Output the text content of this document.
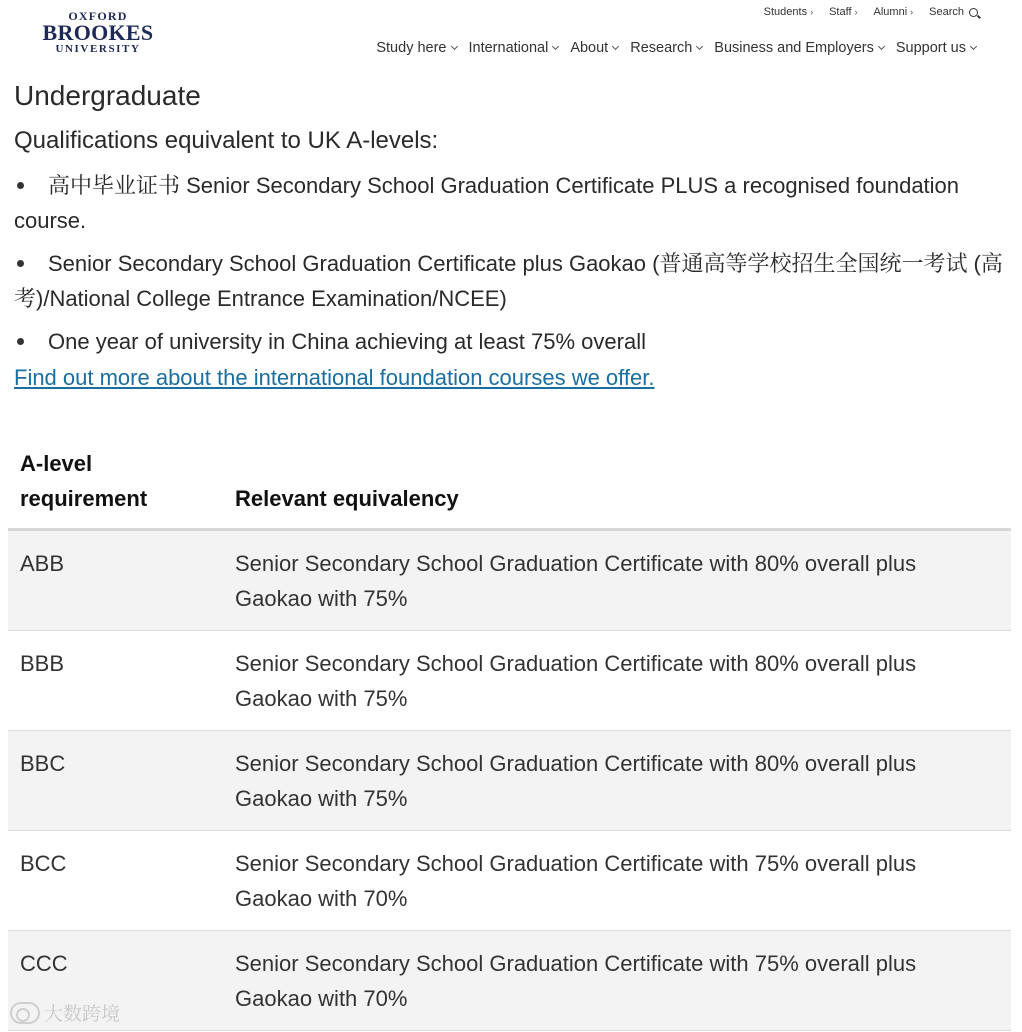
OXFORD
BROOKES
UNIVERSITY
Students › Staff › Alumni › Search
Study here International About Research Business and Employers Support us
Undergraduate
Qualifications equivalent to UK A-levels:
高中毕业证书 Senior Secondary School Graduation Certificate PLUS a recognised foundation course.
Senior Secondary School Graduation Certificate plus Gaokao (普通高等学校招生全国统一考试 (高考)/National College Entrance Examination/NCEE)
One year of university in China achieving at least 75% overall
Find out more about the international foundation courses we offer.
A-level requirement	Relevant equivalency
ABB	Senior Secondary School Graduation Certificate with 80% overall plus Gaokao with 75%
BBB	Senior Secondary School Graduation Certificate with 80% overall plus Gaokao with 75%
BBC	Senior Secondary School Graduation Certificate with 80% overall plus Gaokao with 75%
BCC	Senior Secondary School Graduation Certificate with 75% overall plus Gaokao with 70%
CCC	Senior Secondary School Graduation Certificate with 75% overall plus Gaokao with 70%
大数跨境
